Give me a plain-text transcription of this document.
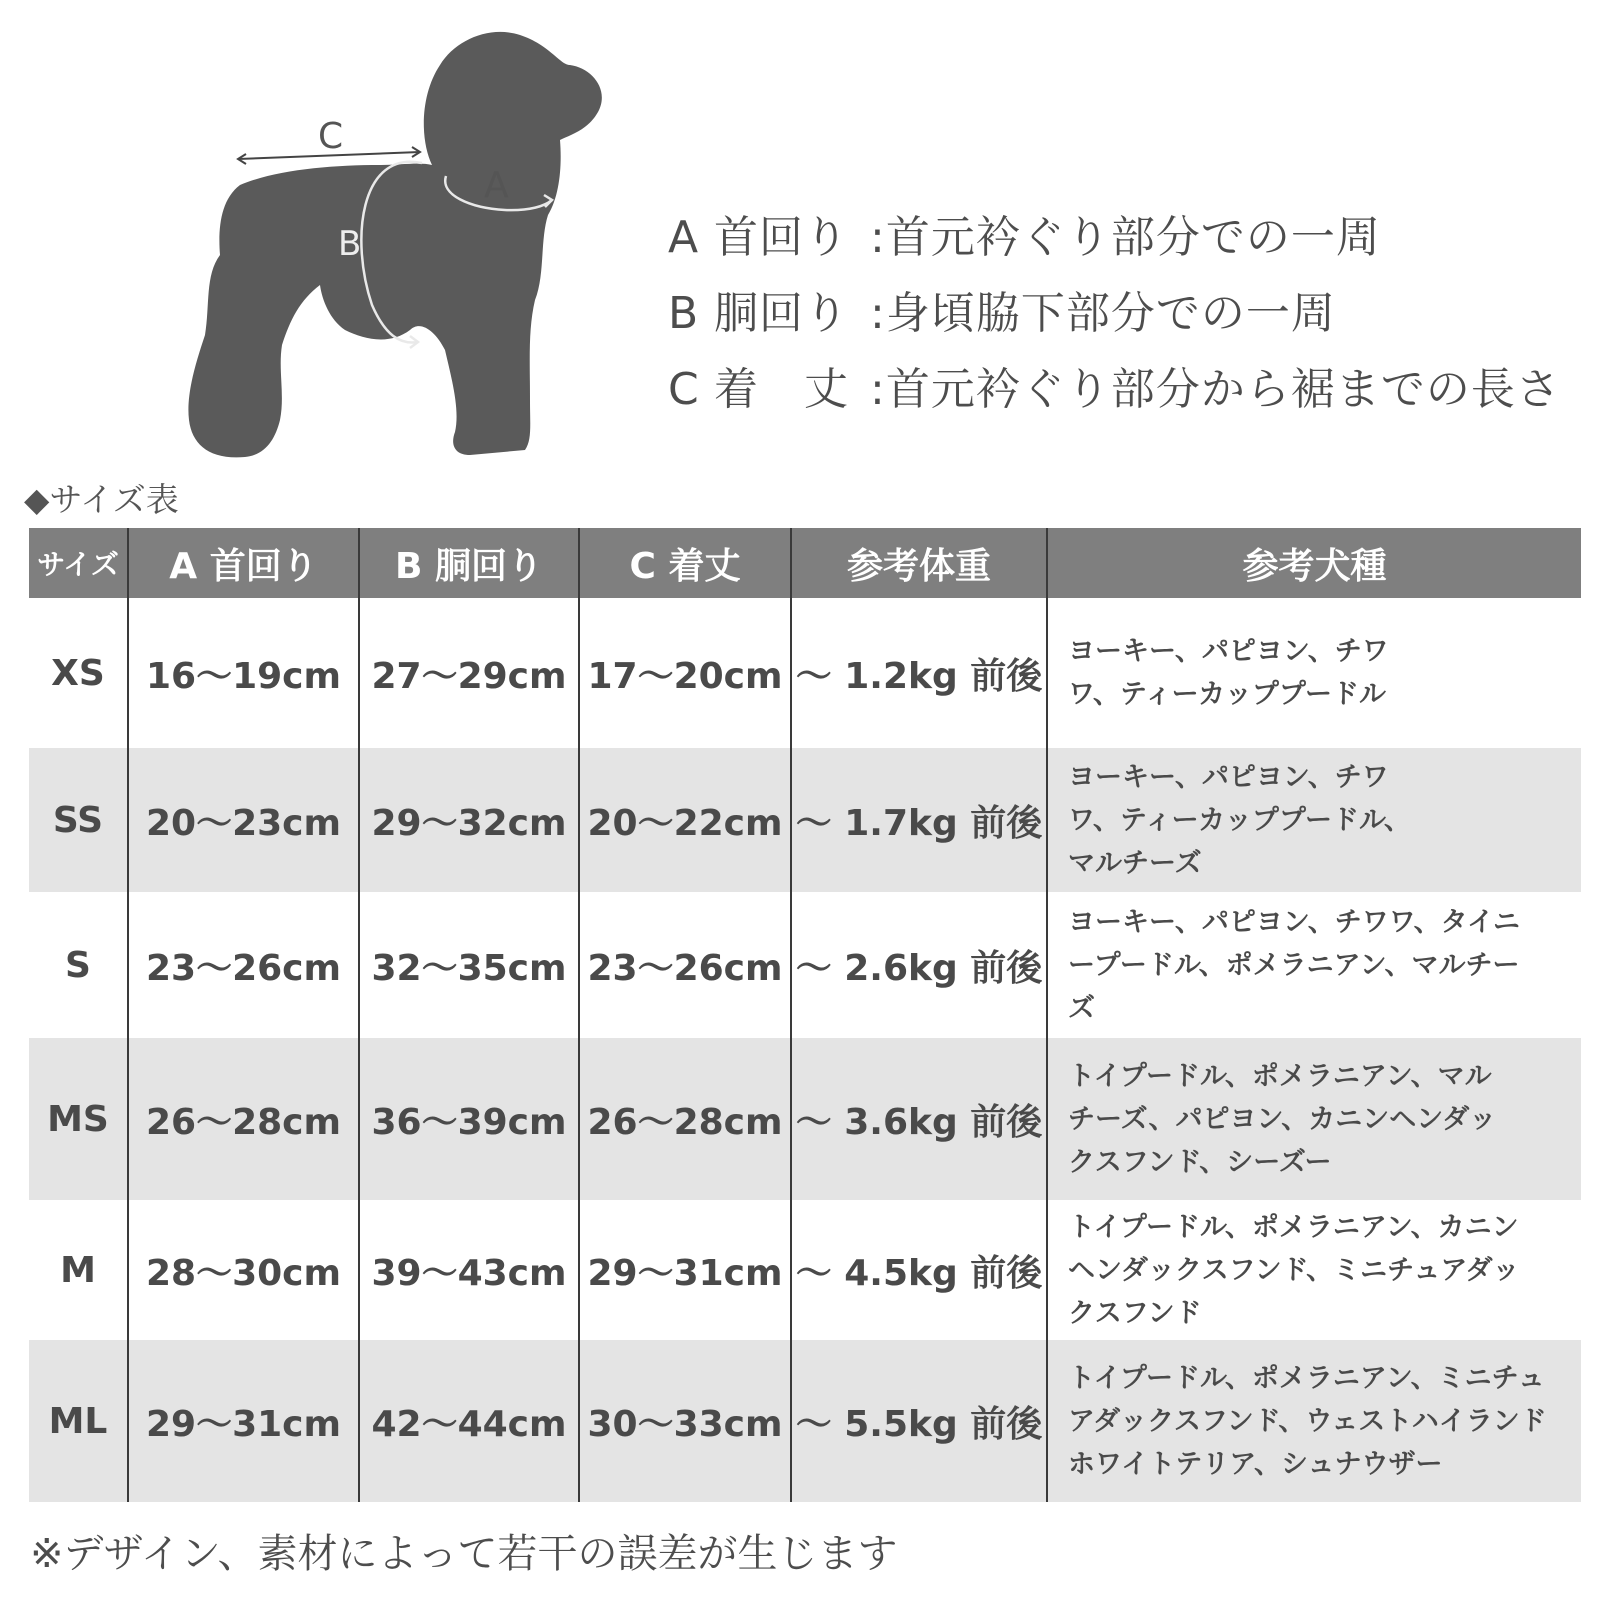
C
B
A
A 首回り :首元衿ぐり部分での一周
B 胴回り :身頃脇下部分での一周
C 着　丈 :首元衿ぐり部分から裾までの長さ
◆サイズ表
サイズ	A 首回り	B 胴回り	C 着丈	参考体重	参考犬種
XS	16～19cm	27～29cm	17～20cm	～ 1.2kg 前後	ヨーキー、パピヨン、チワワ、ティーカッププードル

SS	20～23cm	29～32cm	20～22cm	～ 1.7kg 前後	ヨーキー、パピヨン、チワワ、ティーカッププードル、マルチーズ

S	23～26cm	32～35cm	23～26cm	～ 2.6kg 前後	ヨーキー、パピヨン、チワワ、タイニープードル、ポメラニアン、マルチーズ

MS	26～28cm	36～39cm	26～28cm	～ 3.6kg 前後	トイプードル、ポメラニアン、マルチーズ、パピヨン、カニンヘンダックスフンド、シーズー

M	28～30cm	39～43cm	29～31cm	～ 4.5kg 前後	トイプードル、ポメラニアン、カニンヘンダックスフンド、ミニチュアダックスフンド

ML	29～31cm	42～44cm	30～33cm	～ 5.5kg 前後	トイプードル、ポメラニアン、ミニチュアダックスフンド、ウェストハイランドホワイトテリア、シュナウザー
※デザイン、素材によって若干の誤差が生じます
